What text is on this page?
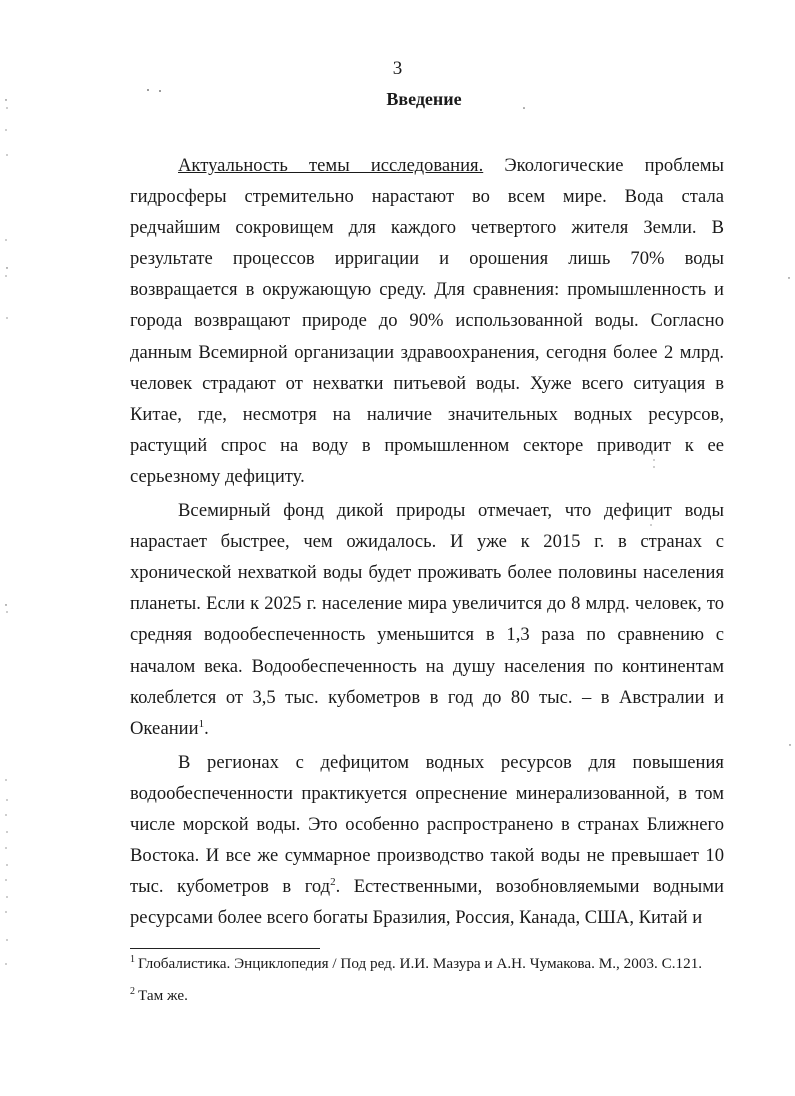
3
Введение

Актуальность темы исследования. Экологические проблемы гидросферы стремительно нарастают во всем мире. Вода стала редчайшим сокровищем для каждого четвертого жителя Земли. В результате процессов ирригации и орошения лишь 70% воды возвращается в окружающую среду. Для сравнения: промышленность и города возвращают природе до 90% использованной воды. Согласно данным Всемирной организации здравоохранения, сегодня более 2 млрд. человек страдают от нехватки питьевой воды. Хуже всего ситуация в Китае, где, несмотря на наличие значительных водных ресурсов, растущий спрос на воду в промышленном секторе приводит к ее серьезному дефициту.

Всемирный фонд дикой природы отмечает, что дефицит воды нарастает быстрее, чем ожидалось. И уже к 2015 г. в странах с хронической нехваткой воды будет проживать более половины населения планеты. Если к 2025 г. население мира увеличится до 8 млрд. человек, то средняя водообеспеченность уменьшится в 1,3 раза по сравнению с началом века. Водообеспеченность на душу населения по континентам колеблется от 3,5 тыс. кубометров в год до 80 тыс. – в Австралии и Океании$^1$.

В регионах с дефицитом водных ресурсов для повышения водообеспеченности практикуется опреснение минерализованной, в том числе морской воды. Это особенно распространено в странах Ближнего Востока. И все же суммарное производство такой воды не превышает 10 тыс. кубометров в год$^2$. Естественными, возобновляемыми водными ресурсами более всего богаты Бразилия, Россия, Канада, США, Китай и

$^1$ Глобалистика. Энциклопедия / Под ред. И.И. Мазура и А.Н. Чумакова. М., 2003. С.121.

$^2$ Там же.
